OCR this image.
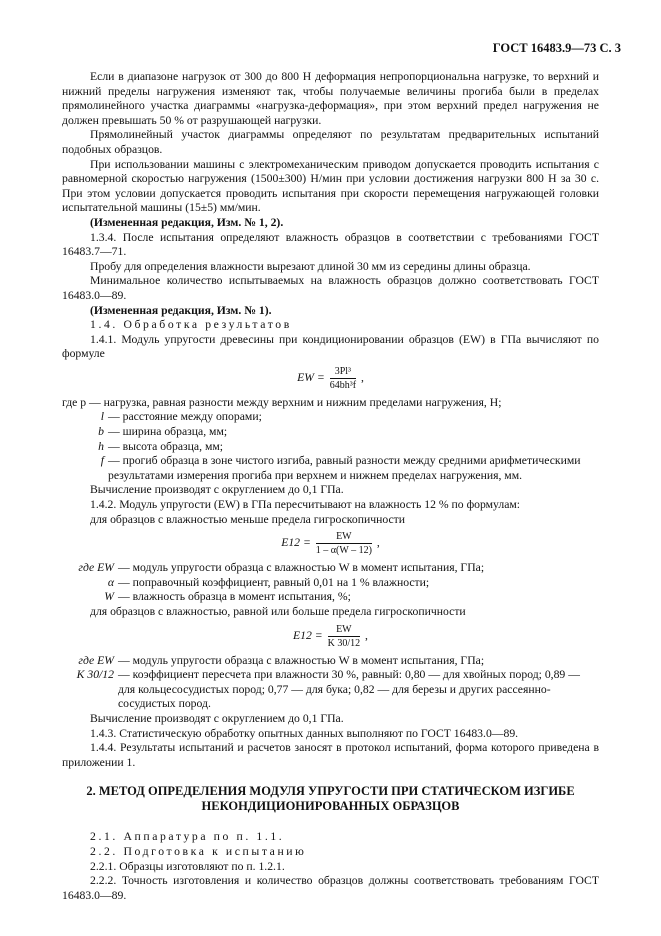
ГОСТ 16483.9—73 С. 3

Если в диапазоне нагрузок от 300 до 800 Н деформация непропорциональна нагрузке, то верхний и нижний пределы нагружения изменяют так, чтобы получаемые величины прогиба были в пределах прямолинейного участка диаграммы «нагрузка-деформация», при этом верхний предел нагружения не должен превышать 50 % от разрушающей нагрузки.

Прямолинейный участок диаграммы определяют по результатам предварительных испытаний подобных образцов.

При использовании машины с электромеханическим приводом допускается проводить испытания с равномерной скоростью нагружения (1500±300) Н/мин при условии достижения нагрузки 800 Н за 30 с. При этом условии допускается проводить испытания при скорости перемещения нагружающей головки испытательной машины (15±5) мм/мин.

(Измененная редакция, Изм. № 1, 2).

1.3.4. После испытания определяют влажность образцов в соответствии с требованиями ГОСТ 16483.7—71.

Пробу для определения влажности вырезают длиной 30 мм из середины длины образца.

Минимальное количество испытываемых на влажность образцов должно соответствовать ГОСТ 16483.0—89.

(Измененная редакция, Изм. № 1).

1.4. Обработка результатов

1.4.1. Модуль упругости древесины при кондиционировании образцов (EW) в ГПа вычисляют по формуле

EW = $\frac{\text{3Pl³}}{\text{64bh³f}}$ ,

где p — нагрузка, равная разности между верхним и нижним пределами нагружения, Н;

l — расстояние между опорами;
b — ширина образца, мм;
h — высота образца, мм;
f — прогиб образца в зоне чистого изгиба, равный разности между средними арифметическими результатами измерения прогиба при верхнем и нижнем пределах нагружения, мм.

Вычисление производят с округлением до 0,1 ГПа.

1.4.2. Модуль упругости (EW) в ГПа пересчитывают на влажность 12 % по формулам:

для образцов с влажностью меньше предела гигроскопичности

$E12 = \frac{EW}{1 - \alpha(W - 12)}$ ,
где EW — модуль упругости образца с влажностью W в момент испытания, ГПа;
α — поправочный коэффициент, равный 0,01 на 1 % влажности;
W — влажность образца в момент испытания, %;

для образцов с влажностью, равной или больше предела гигроскопичности

$E12 = \frac{EW}{K 30/12}$ ,
где EW — модуль упругости образца с влажностью W в момент испытания, ГПа;
K 30/12 — коэффициент пересчета при влажности 30 %, равный: 0,80 — для хвойных пород; 0,89 — для кольцесосудистых пород; 0,77 — для бука; 0,82 — для березы и других рассеяннососудистых пород.

Вычисление производят с округлением до 0,1 ГПа.

1.4.3. Статистическую обработку опытных данных выполняют по ГОСТ 16483.0—89.

1.4.4. Результаты испытаний и расчетов заносят в протокол испытаний, форма которого приведена в приложении 1.

2. МЕТОД ОПРЕДЕЛЕНИЯ МОДУЛЯ УПРУГОСТИ ПРИ СТАТИЧЕСКОМ ИЗГИБЕ
НЕКОНДИЦИОНИРОВАННЫХ ОБРАЗЦОВ

2.1. Аппаратура по п. 1.1.

2.2. Подготовка к испытанию

2.2.1. Образцы изготовляют по п. 1.2.1.

2.2.2. Точность изготовления и количество образцов должны соответствовать требованиям ГОСТ 16483.0—89.
